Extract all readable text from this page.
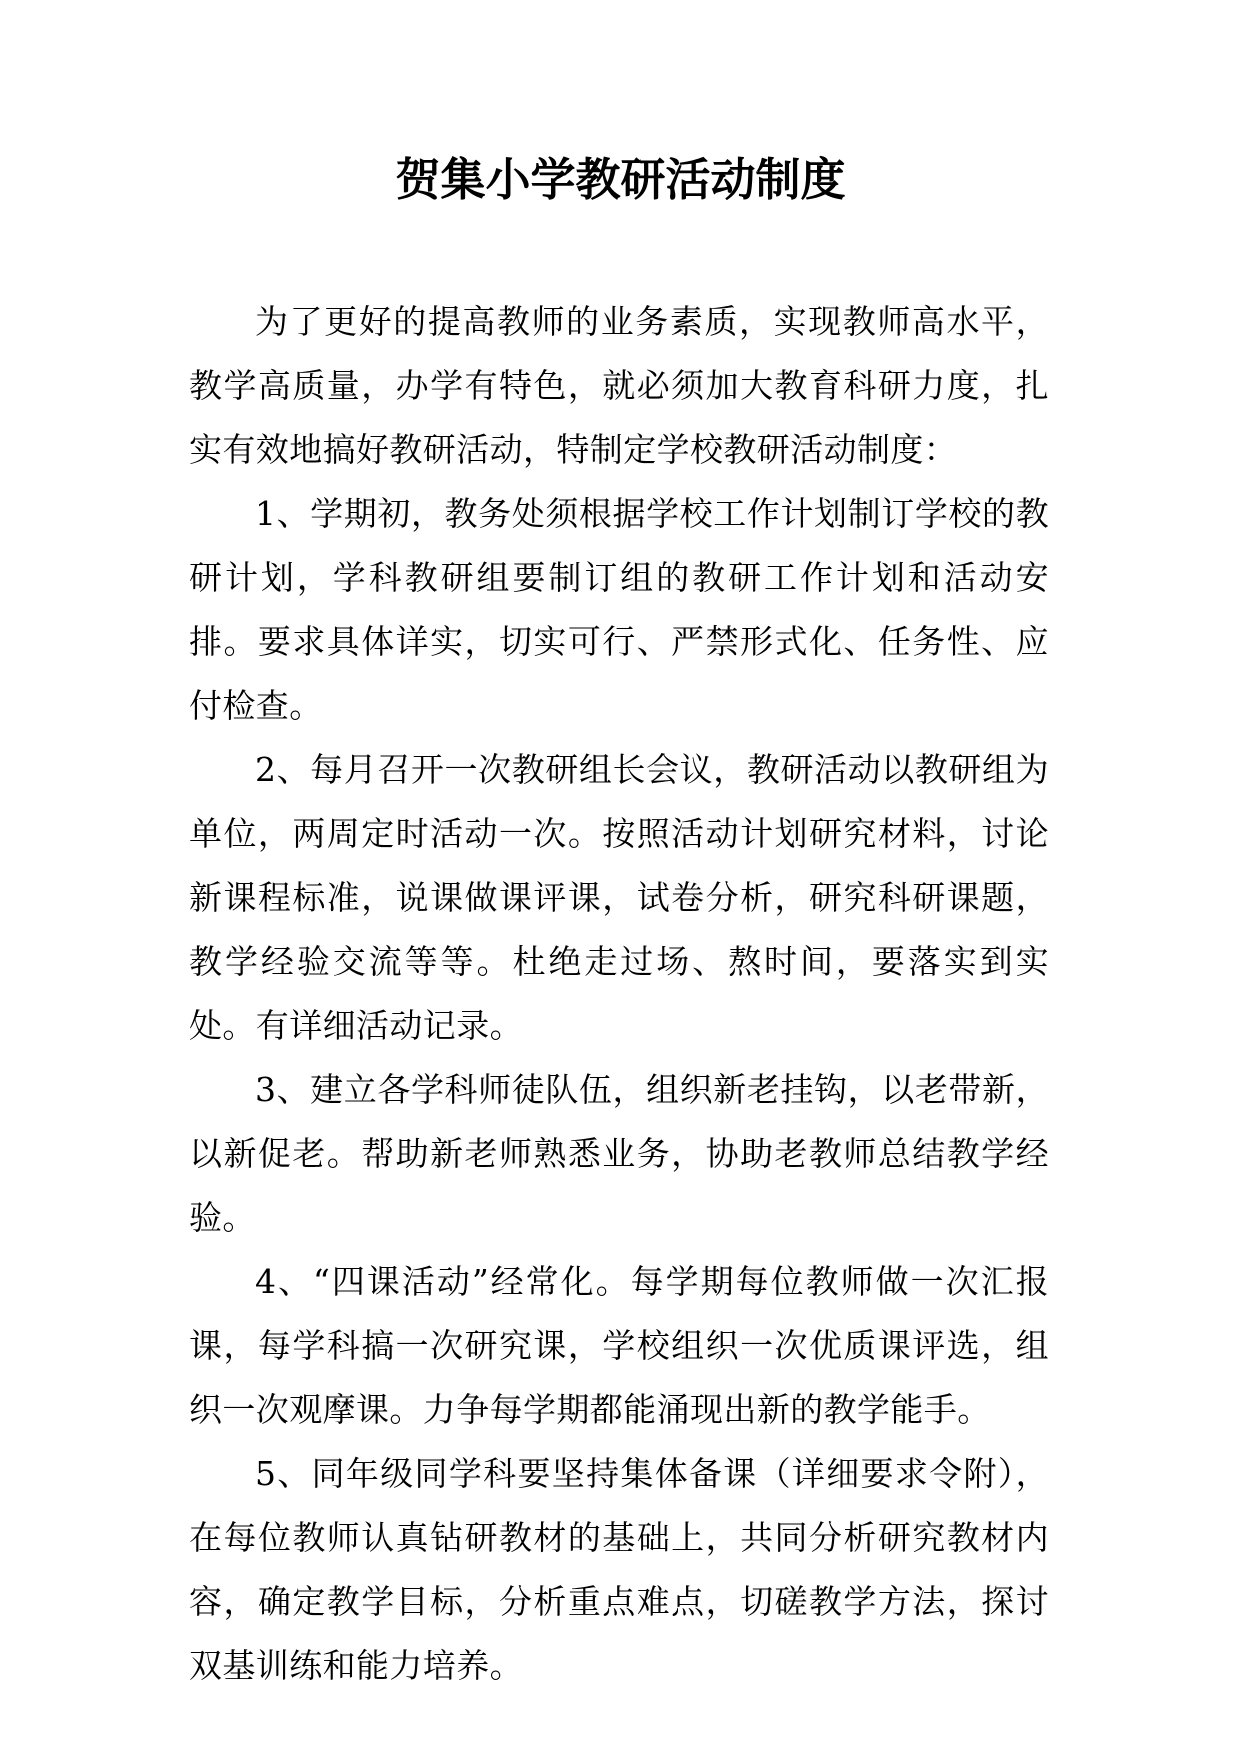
贺集小学教研活动制度

为了更好的提高教师的业务素质，实现教师高水平，教学高质量，办学有特色，就必须加大教育科研力度，扎实有效地搞好教研活动，特制定学校教研活动制度：

1、学期初，教务处须根据学校工作计划制订学校的教研计划，学科教研组要制订组的教研工作计划和活动安排。要求具体详实，切实可行、严禁形式化、任务性、应付检查。

2、每月召开一次教研组长会议，教研活动以教研组为单位，两周定时活动一次。按照活动计划研究材料，讨论新课程标准，说课做课评课，试卷分析，研究科研课题，教学经验交流等等。杜绝走过场、熬时间，要落实到实处。有详细活动记录。

3、建立各学科师徒队伍，组织新老挂钩，以老带新，以新促老。帮助新老师熟悉业务，协助老教师总结教学经验。

4、“四课活动”经常化。每学期每位教师做一次汇报课，每学科搞一次研究课，学校组织一次优质课评选，组织一次观摩课。力争每学期都能涌现出新的教学能手。

5、同年级同学科要坚持集体备课（详细要求令附），在每位教师认真钻研教材的基础上，共同分析研究教材内容，确定教学目标，分析重点难点，切磋教学方法，探讨双基训练和能力培养。
